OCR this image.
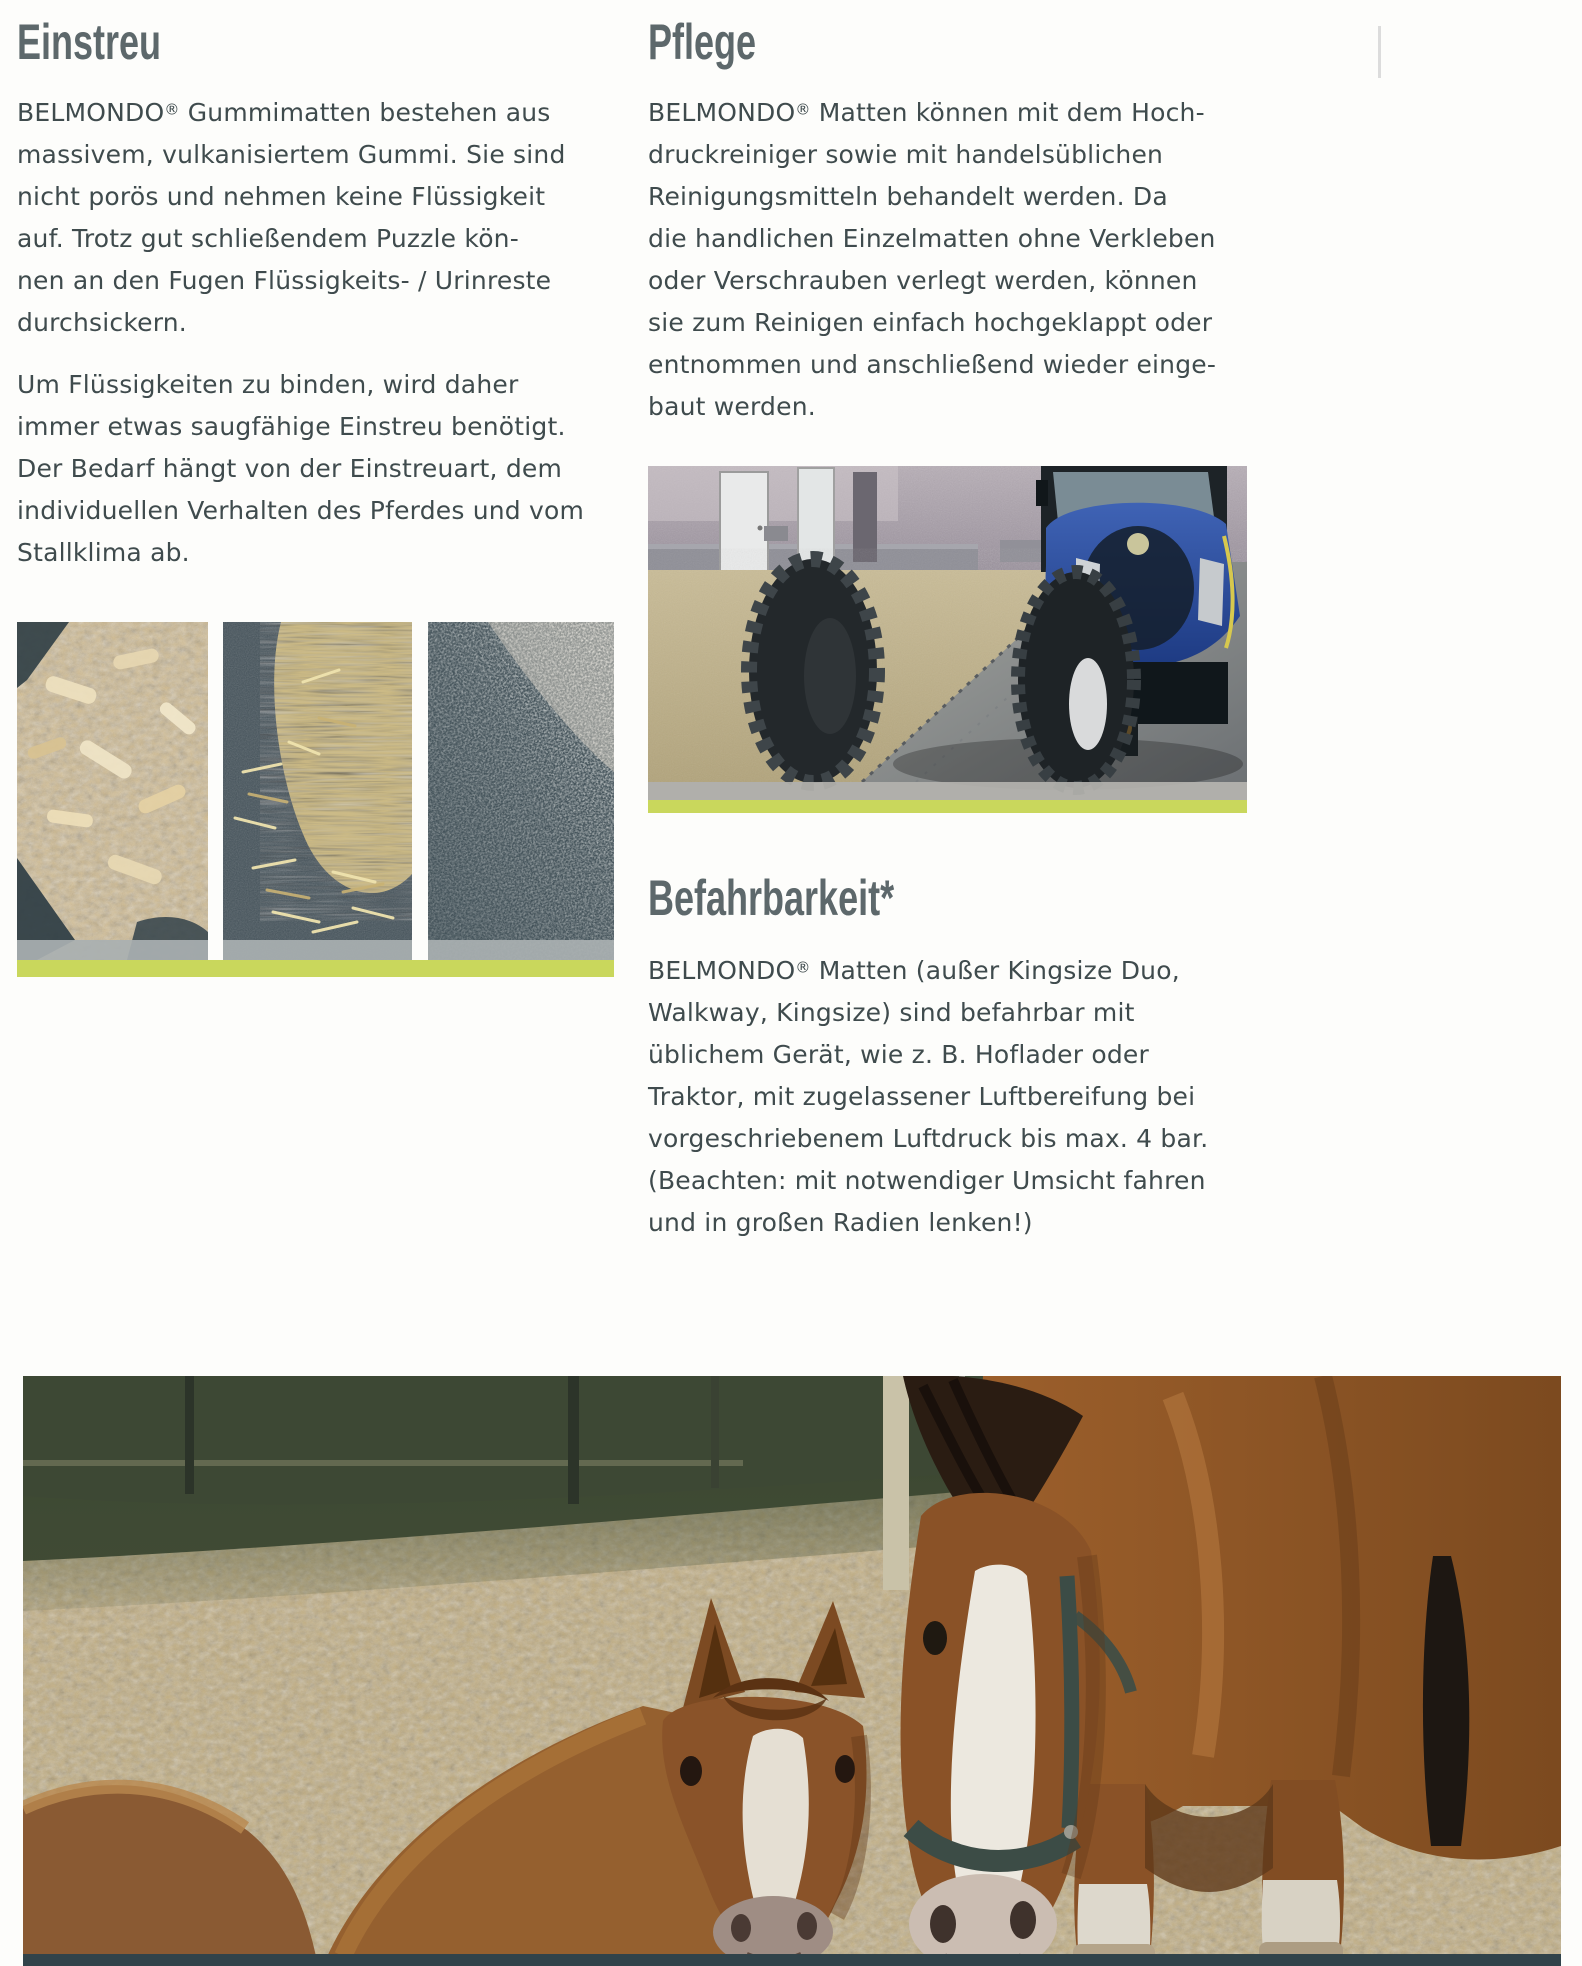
Einstreu

BELMONDO® Gummimatten bestehen aus
massivem, vulkanisiertem Gummi. Sie sind
nicht porös und nehmen keine Flüssigkeit
auf. Trotz gut schließendem Puzzle kön-
nen an den Fugen Flüssigkeits- / Urinreste
durchsickern.

Um Flüssigkeiten zu binden, wird daher
immer etwas saugfähige Einstreu benötigt.
Der Bedarf hängt von der Einstreuart, dem
individuellen Verhalten des Pferdes und vom
Stallklima ab.

Pflege

BELMONDO® Matten können mit dem Hoch-
druckreiniger sowie mit handelsüblichen
Reinigungsmitteln behandelt werden. Da
die handlichen Einzelmatten ohne Verkleben
oder Verschrauben verlegt werden, können
sie zum Reinigen einfach hochgeklappt oder
entnommen und anschließend wieder einge-
baut werden.

Befahrbarkeit*

BELMONDO® Matten (außer Kingsize Duo,
Walkway, Kingsize) sind befahrbar mit
üblichem Gerät, wie z. B. Hoflader oder
Traktor, mit zugelassener Luftbereifung bei
vorgeschriebenem Luftdruck bis max. 4 bar.
(Beachten: mit notwendiger Umsicht fahren
und in großen Radien lenken!)
